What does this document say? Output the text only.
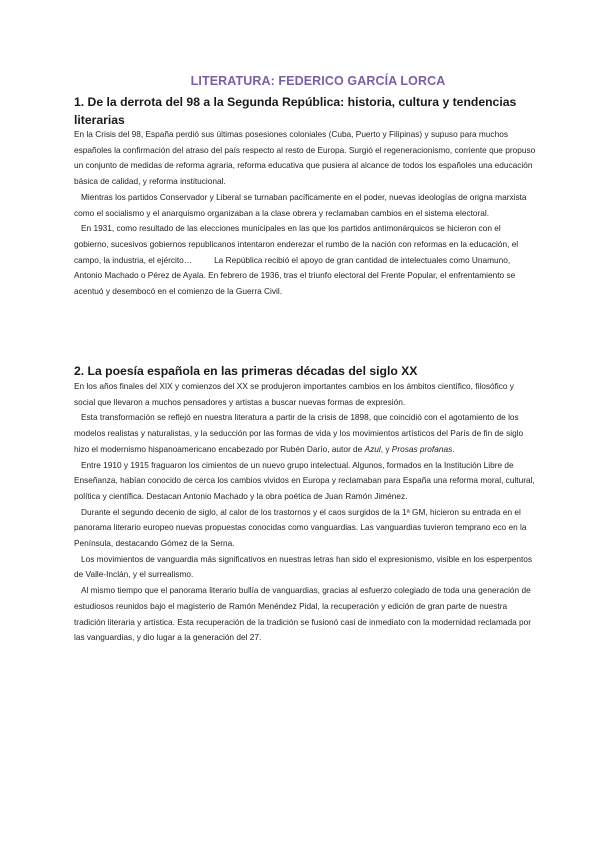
LITERATURA: FEDERICO GARCÍA LORCA
1. De la derrota del 98 a la Segunda República: historia, cultura y tendencias literarias

En la Crisis del 98, España perdió sus últimas posesiones coloniales (Cuba, Puerto y Filipinas) y supuso para muchos españoles la confirmación del atraso del país respecto al resto de Europa. Surgió el regeneracionismo, corriente que propuso un conjunto de medidas de reforma agraria, reforma educativa que pusiera al alcance de todos los españoles una educación básica de calidad, y reforma institucional.

Mientras los partidos Conservador y Liberal se turnaban pacíficamente en el poder, nuevas ideologías de origna marxista como el socialismo y el anarquismo organizaban a la clase obrera y reclamaban cambios en el sistema electoral.

En 1931, como resultado de las elecciones municipales en las que los partidos antimonárquicos se hicieron con el gobierno, sucesivos gobiernos republicanos intentaron enderezar el rumbo de la nación con reformas en la educación, el campo, la industria, el ejército…	La República recibió el apoyo de gran cantidad de intelectuales como Unamuno, Antonio Machado o Pérez de Ayala. En febrero de 1936, tras el triunfo electoral del Frente Popular, el enfrentamiento se acentuó y desembocó en el comienzo de la Guerra Civil.

2. La poesía española en las primeras décadas del siglo XX

En los años finales del XIX y comienzos del XX se produjeron importantes cambios en los ámbitos científico, filosófico y social que llevaron a muchos pensadores y artistas a buscar nuevas formas de expresión.

Esta transformación se reflejó en nuestra literatura a partir de la crisis de 1898, que coincidió con el agotamiento de los modelos realistas y naturalistas, y la seducción por las formas de vida y los movimientos artísticos del París de fin de siglo hizo el modernismo hispanoamericano encabezado por Rubén Darío, autor de Azul, y Prosas profanas.

Entre 1910 y 1915 fraguaron los cimientos de un nuevo grupo intelectual. Algunos, formados en la Institución Libre de Enseñanza, habían conocido de cerca los cambios vividos en Europa y reclamaban para España una reforma moral, cultural, política y científica. Destacan Antonio Machado y la obra poética de Juan Ramón Jiménez.

Durante el segundo decenio de siglo, al calor de los trastornos y el caos surgidos de la 1ª GM, hicieron su entrada en el panorama literario europeo nuevas propuestas conocidas como vanguardias. Las vanguardias tuvieron temprano eco en la Península, destacando Gómez de la Serna.

Los movimientos de vanguardia más significativos en nuestras letras han sido el expresionismo, visible en los esperpentos de Valle-Inclán, y el surrealismo.

Al mismo tiempo que el panorama literario bullía de vanguardias, gracias al esfuerzo colegiado de toda una generación de estudiosos reunidos bajo el magisterio de Ramón Menéndez Pidal, la recuperación y edición de gran parte de nuestra tradición literaria y artística. Esta recuperación de la tradición se fusionó casi de inmediato con la modernidad reclamada por las vanguardias, y dio lugar a la generación del 27.
